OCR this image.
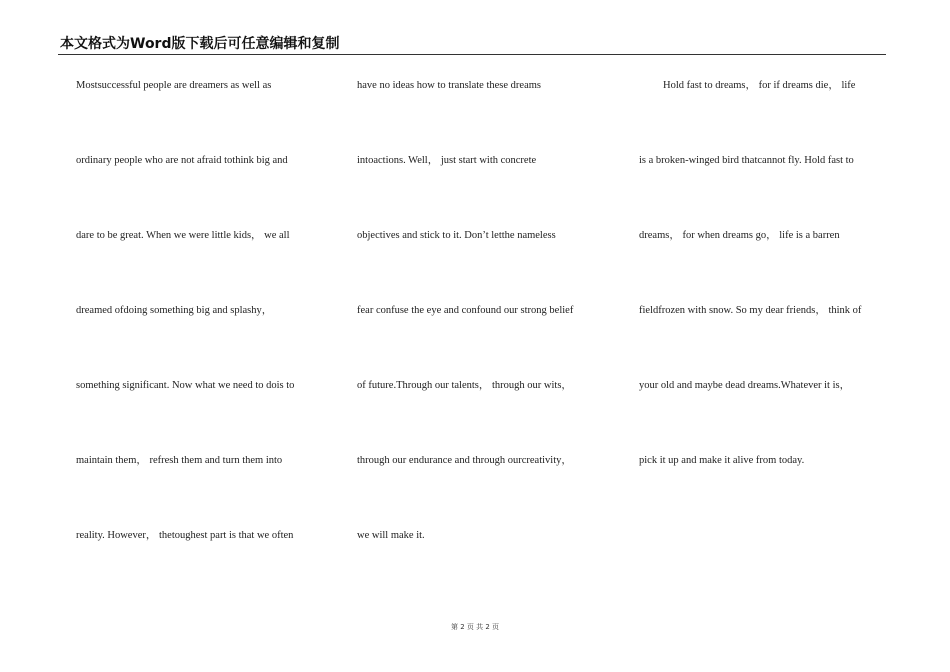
本文格式为Word版下载后可任意编辑和复制
Mostsuccessful people are dreamers as well as
ordinary people who are not afraid tothink big and
dare to be great. When we were little kids， we all
dreamed ofdoing something big and splashy，
something significant. Now what we need to dois to
maintain them， refresh them and turn them into
reality. However， thetoughest part is that we often
have no ideas how to translate these dreams
intoactions. Well， just start with concrete
objectives and stick to it. Don’t letthe nameless
fear confuse the eye and confound our strong belief
of future.Through our talents， through our wits，
through our endurance and through ourcreativity，
we will make it.
Hold fast to dreams， for if dreams die， life
is a broken-winged bird thatcannot fly. Hold fast to
dreams， for when dreams go， life is a barren
fieldfrozen with snow. So my dear friends， think of
your old and maybe dead dreams.Whatever it is，
pick it up and make it alive from today.
第 2 页 共 2 页
